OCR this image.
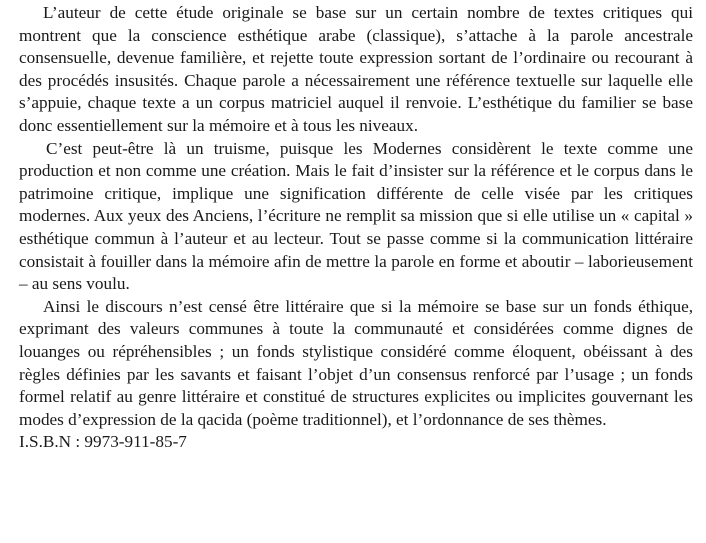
L’auteur de cette étude originale se base sur un certain nombre de textes critiques qui montrent que la conscience esthétique arabe (classique), s’attache à la parole ancestrale consensuelle, devenue familière, et rejette toute expression sortant de l’ordinaire ou recourant à des procédés insusités. Chaque parole a nécessairement une référence textuelle sur laquelle elle s’appuie, chaque texte a un corpus matriciel auquel il renvoie. L’esthétique du familier se base donc essentiellement sur la mémoire et à tous les niveaux.

C’est peut-être là un truisme, puisque les Modernes considèrent le texte comme une production et non comme une création. Mais le fait d’insister sur la référence et le corpus dans le patrimoine critique, implique une signification différente de celle visée par les critiques modernes. Aux yeux des Anciens, l’écriture ne remplit sa mission que si elle utilise un « capital » esthétique commun à l’auteur et au lecteur. Tout se passe comme si la communication littéraire consistait à fouiller dans la mémoire afin de mettre la parole en forme et aboutir – laborieusement – au sens voulu.

Ainsi le discours n’est censé être littéraire que si la mémoire se base sur un fonds éthique, exprimant des valeurs communes à toute la communauté et considérées comme dignes de louanges ou répréhensibles ; un fonds stylistique considéré comme éloquent, obéissant à des règles définies par les savants et faisant l’objet d’un consensus renforcé par l’usage ; un fonds formel relatif au genre littéraire et constitué de structures explicites ou implicites gouvernant les modes d’expression de la qacida (poème traditionnel), et l’ordonnance de ses thèmes.

I.S.B.N : 9973-911-85-7
